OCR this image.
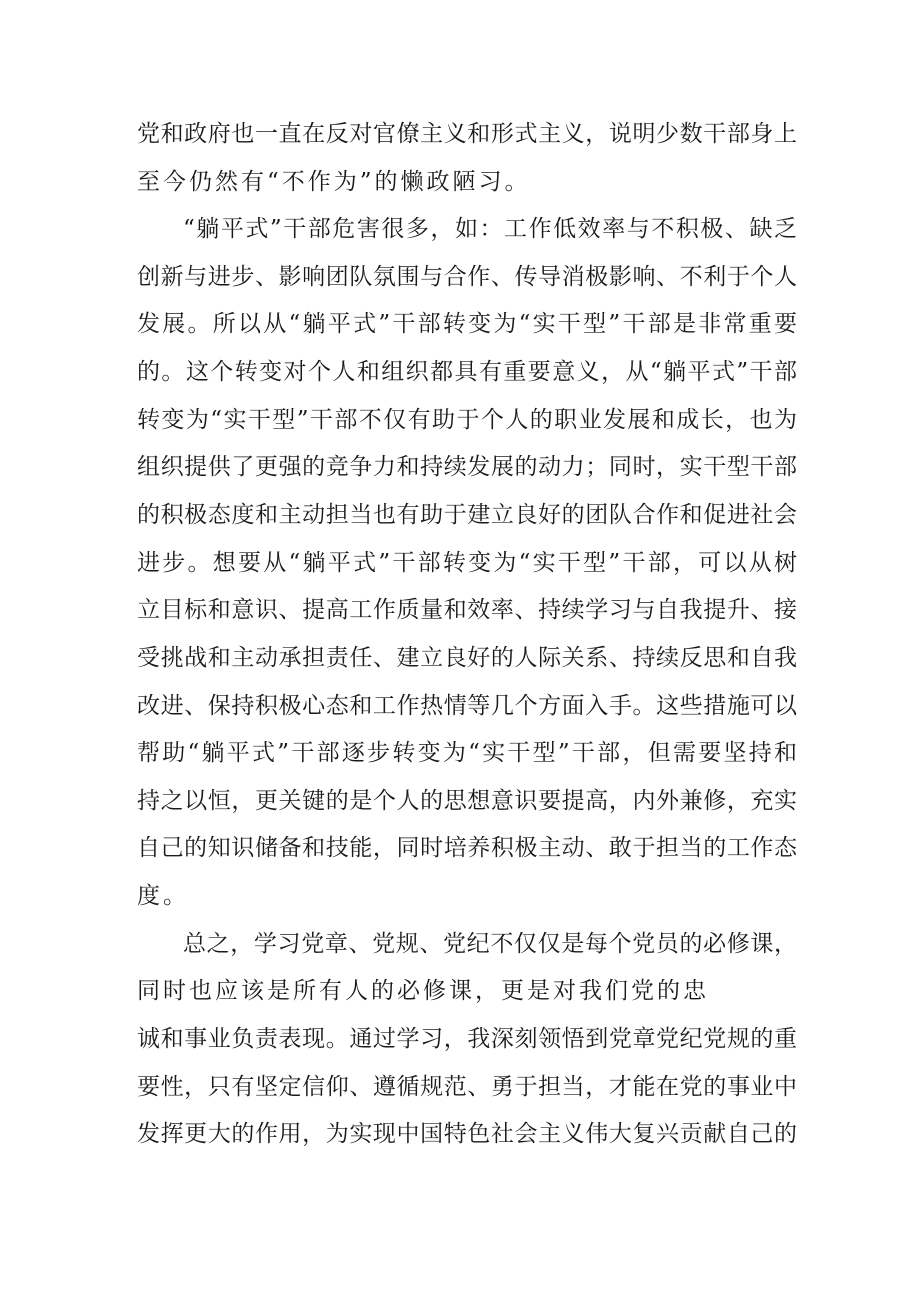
党和政府也一直在反对官僚主义和形式主义，说明少数干部身上
至今仍然有“不作为”的懒政陋习。
“躺平式”干部危害很多，如：工作低效率与不积极、缺乏
创新与进步、影响团队氛围与合作、传导消极影响、不利于个人
发展。所以从“躺平式”干部转变为“实干型”干部是非常重要
的。这个转变对个人和组织都具有重要意义，从“躺平式”干部
转变为“实干型”干部不仅有助于个人的职业发展和成长，也为
组织提供了更强的竞争力和持续发展的动力；同时，实干型干部
的积极态度和主动担当也有助于建立良好的团队合作和促进社会
进步。想要从“躺平式”干部转变为“实干型”干部，可以从树
立目标和意识、提高工作质量和效率、持续学习与自我提升、接
受挑战和主动承担责任、建立良好的人际关系、持续反思和自我
改进、保持积极心态和工作热情等几个方面入手。这些措施可以
帮助“躺平式”干部逐步转变为“实干型”干部，但需要坚持和
持之以恒，更关键的是个人的思想意识要提高，内外兼修，充实
自己的知识储备和技能，同时培养积极主动、敢于担当的工作态
度。
总之，学习党章、党规、党纪不仅仅是每个党员的必修课，
同时也应该是所有人的必修课，更是对我们党的忠
诚和事业负责表现。通过学习，我深刻领悟到党章党纪党规的重
要性，只有坚定信仰、遵循规范、勇于担当，才能在党的事业中
发挥更大的作用，为实现中国特色社会主义伟大复兴贡献自己的
